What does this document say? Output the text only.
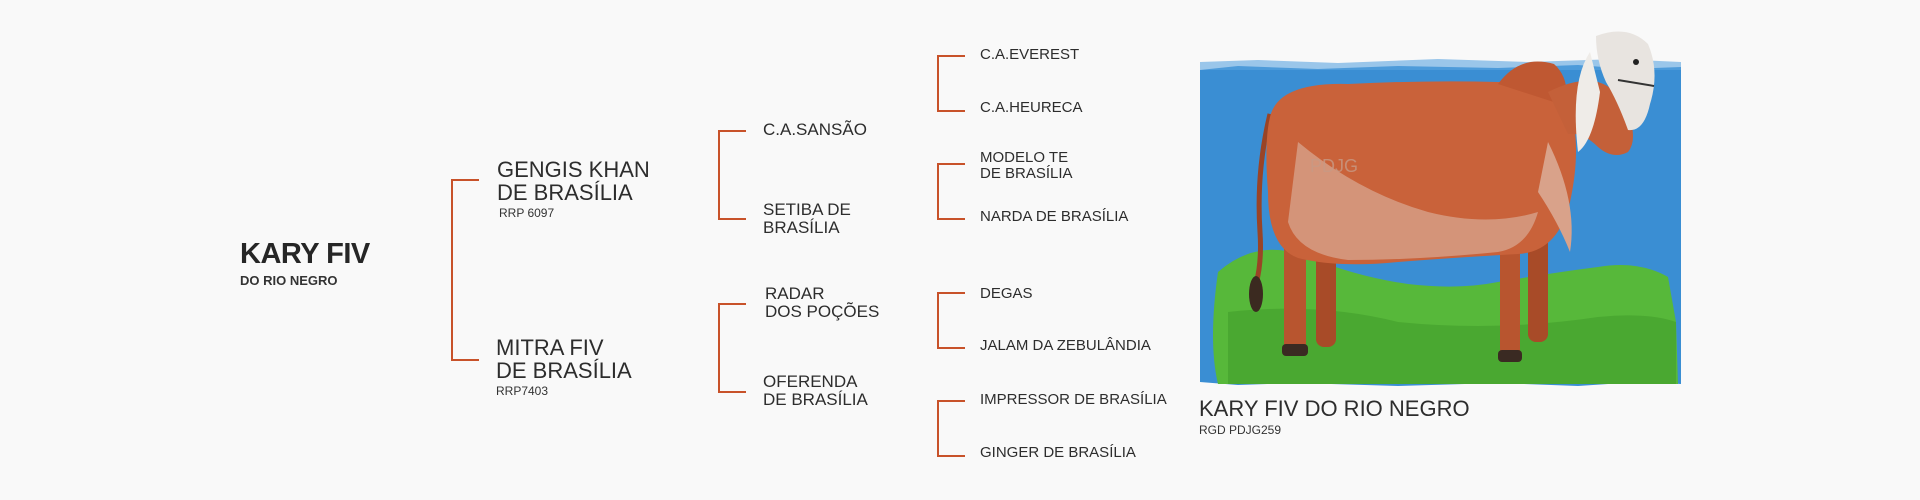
KARY FIV
DO RIO NEGRO
GENGIS KHAN
DE BRASÍLIA
RRP 6097
MITRA FIV
DE BRASÍLIA
RRP7403
C.A.SANSÃO
SETIBA DE
BRASÍLIA
RADAR
DOS POÇÕES
OFERENDA
DE BRASÍLIA
C.A.EVEREST
C.A.HEURECA
MODELO TE
DE BRASÍLIA
NARDA DE BRASÍLIA
DEGAS
JALAM DA ZEBULÂNDIA
IMPRESSOR DE BRASÍLIA
GINGER DE BRASÍLIA
PDJG
KARY FIV DO RIO NEGRO
RGD PDJG259
